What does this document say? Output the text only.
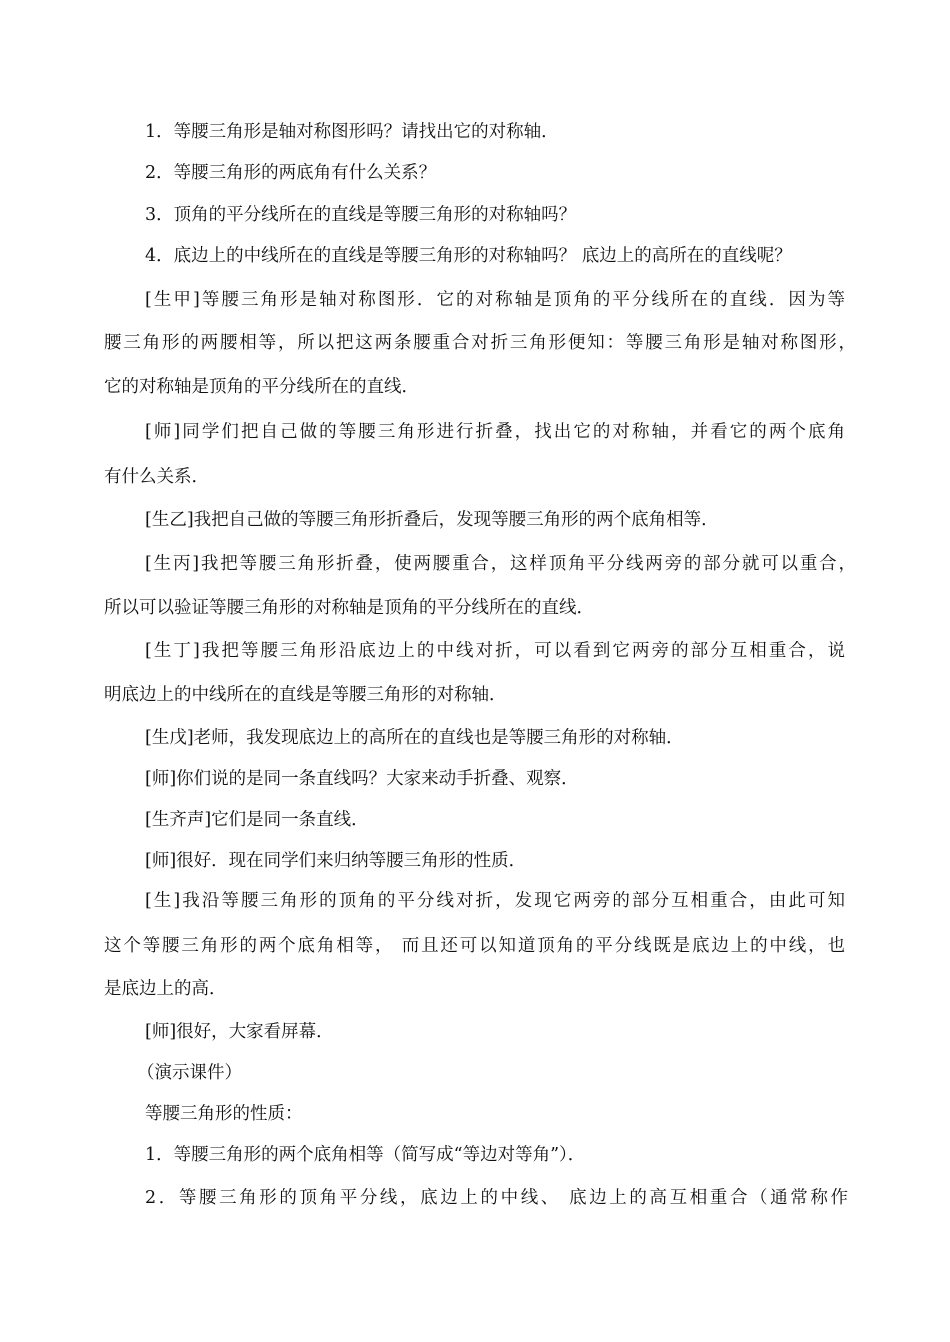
1．等腰三角形是轴对称图形吗？请找出它的对称轴．
2．等腰三角形的两底角有什么关系？
3．顶角的平分线所在的直线是等腰三角形的对称轴吗？
4．底边上的中线所在的直线是等腰三角形的对称轴吗？ 底边上的高所在的直线呢？
[生甲]等腰三角形是轴对称图形．它的对称轴是顶角的平分线所在的直线．因为等
腰三角形的两腰相等，所以把这两条腰重合对折三角形便知：等腰三角形是轴对称图形，
它的对称轴是顶角的平分线所在的直线．
[师]同学们把自己做的等腰三角形进行折叠，找出它的对称轴，并看它的两个底角
有什么关系．
[生乙]我把自己做的等腰三角形折叠后，发现等腰三角形的两个底角相等．
[生丙]我把等腰三角形折叠，使两腰重合，这样顶角平分线两旁的部分就可以重合，
所以可以验证等腰三角形的对称轴是顶角的平分线所在的直线．
[生丁]我把等腰三角形沿底边上的中线对折，可以看到它两旁的部分互相重合，说
明底边上的中线所在的直线是等腰三角形的对称轴．
[生戊]老师，我发现底边上的高所在的直线也是等腰三角形的对称轴．
[师]你们说的是同一条直线吗？大家来动手折叠、观察．
[生齐声]它们是同一条直线．
[师]很好．现在同学们来归纳等腰三角形的性质．
[生]我沿等腰三角形的顶角的平分线对折，发现它两旁的部分互相重合，由此可知
这个等腰三角形的两个底角相等， 而且还可以知道顶角的平分线既是底边上的中线，也
是底边上的高．
[师]很好，大家看屏幕．
（演示课件）
等腰三角形的性质：
1．等腰三角形的两个底角相等（简写成“等边对等角”）．
2．等腰三角形的顶角平分线，底边上的中线、 底边上的高互相重合（通常称作
